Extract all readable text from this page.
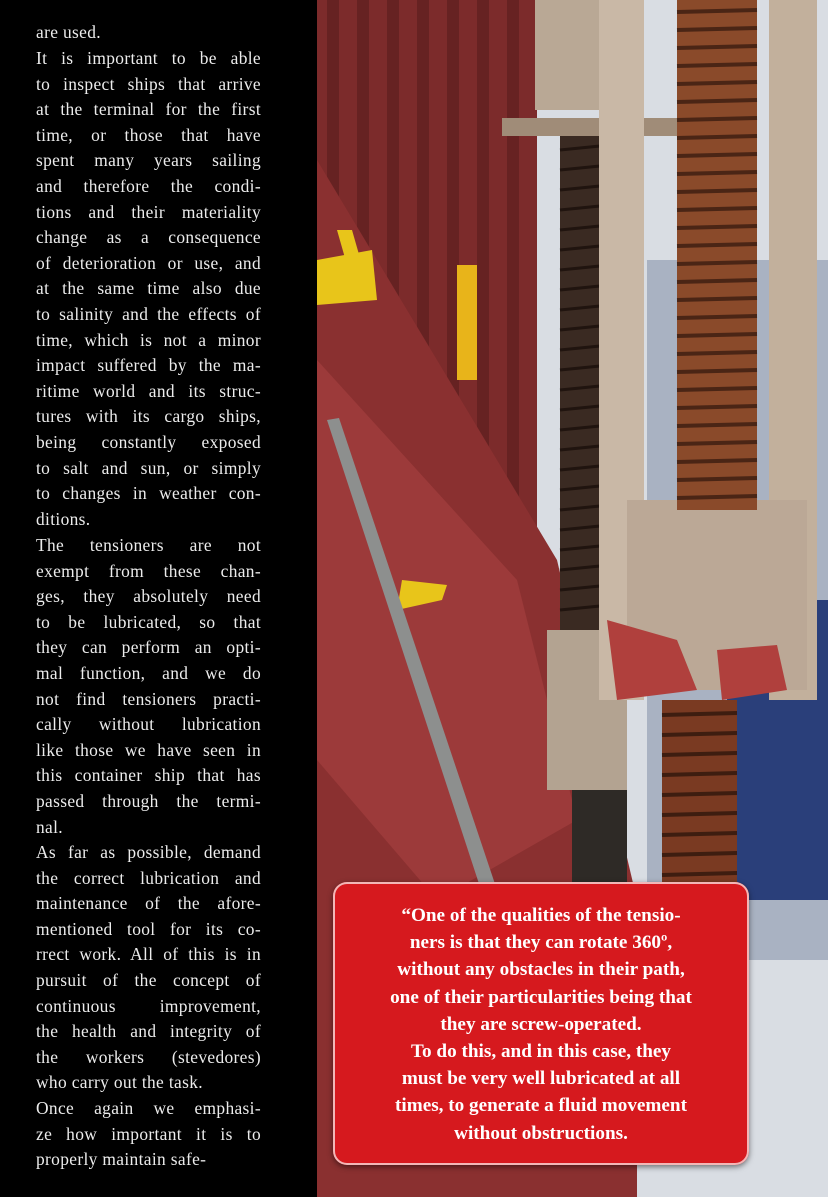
are used.
It is important to be able
to inspect ships that arrive
at the terminal for the first
time, or those that have
spent many years sailing
and therefore the condi-
tions and their materiality
change as a consequence
of deterioration or use, and
at the same time also due
to salinity and the effects of
time, which is not a minor
impact suffered by the ma-
ritime world and its struc-
tures with its cargo ships,
being constantly exposed
to salt and sun, or simply
to changes in weather con-
ditions.
The tensioners are not
exempt from these chan-
ges, they absolutely need
to be lubricated, so that
they can perform an opti-
mal function, and we do
not find tensioners practi-
cally without lubrication
like those we have seen in
this container ship that has
passed through the termi-
nal.
As far as possible, demand
the correct lubrication and
maintenance of the afore-
mentioned tool for its co-
rrect work. All of this is in
pursuit of the concept of
continuous improvement,
the health and integrity of
the workers (stevedores)
who carry out the task.
Once again we emphasi-
ze how important it is to
properly maintain safe-
“One of the qualities of the tensio-
ners is that they can rotate 360º,
without any obstacles in their path,
one of their particularities being that
they are screw-operated.
To do this, and in this case, they
must be very well lubricated at all
times, to generate a fluid movement
without obstructions.
